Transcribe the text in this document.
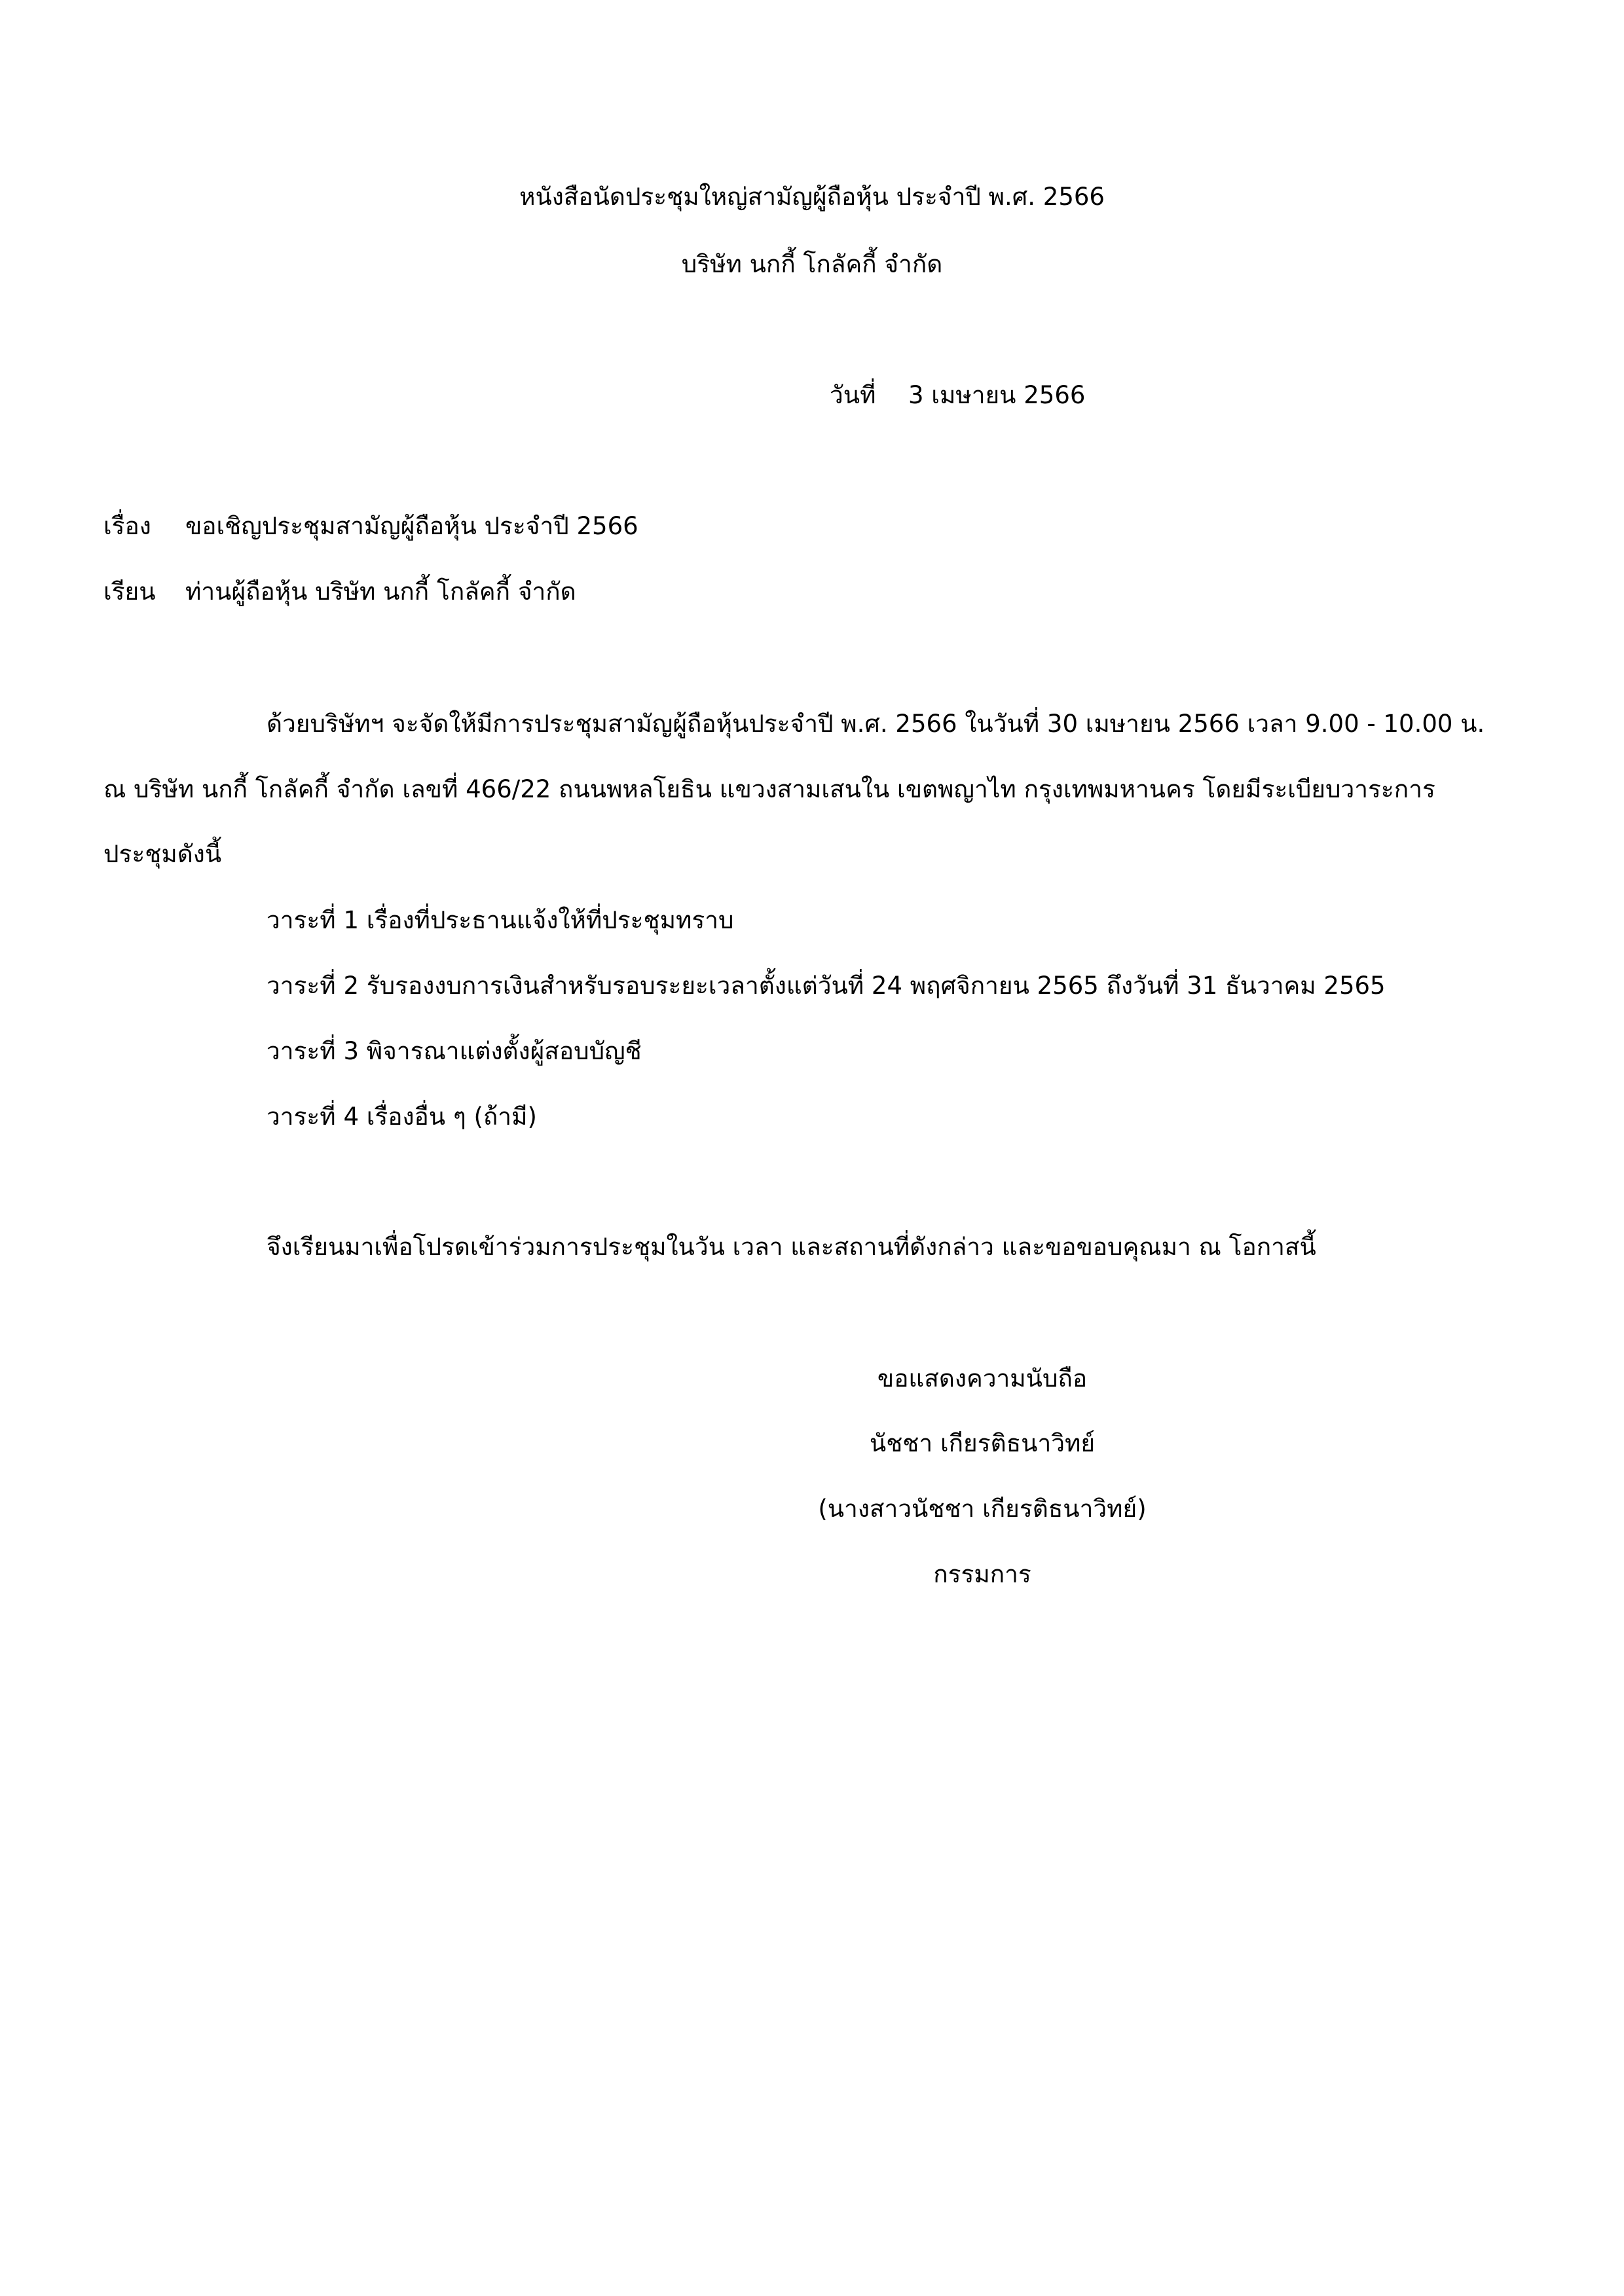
หนังสือนัดประชุมใหญ่สามัญผู้ถือหุ้น ประจำปี พ.ศ. 2566
บริษัท นกกี้ โกลัคกี้ จำกัด
วันที่ 3 เมษายน 2566
เรื่อง ขอเชิญประชุมสามัญผู้ถือหุ้น ประจำปี 2566
เรียน ท่านผู้ถือหุ้น บริษัท นกกี้ โกลัคกี้ จำกัด
ด้วยบริษัทฯ จะจัดให้มีการประชุมสามัญผู้ถือหุ้นประจำปี พ.ศ. 2566 ในวันที่ 30 เมษายน 2566 เวลา 9.00 - 10.00 น.
ณ บริษัท นกกี้ โกลัคกี้ จำกัด เลขที่ 466/22 ถนนพหลโยธิน แขวงสามเสนใน เขตพญาไท กรุงเทพมหานคร โดยมีระเบียบวาระการ
ประชุมดังนี้
วาระที่ 1 เรื่องที่ประธานแจ้งให้ที่ประชุมทราบ
วาระที่ 2 รับรองงบการเงินสำหรับรอบระยะเวลาตั้งแต่วันที่ 24 พฤศจิกายน 2565 ถึงวันที่ 31 ธันวาคม 2565
วาระที่ 3 พิจารณาแต่งตั้งผู้สอบบัญชี
วาระที่ 4 เรื่องอื่น ๆ (ถ้ามี)
จึงเรียนมาเพื่อโปรดเข้าร่วมการประชุมในวัน เวลา และสถานที่ดังกล่าว และขอขอบคุณมา ณ โอกาสนี้
ขอแสดงความนับถือ
นัชชา เกียรติธนาวิทย์
(นางสาวนัชชา เกียรติธนาวิทย์)
กรรมการ
